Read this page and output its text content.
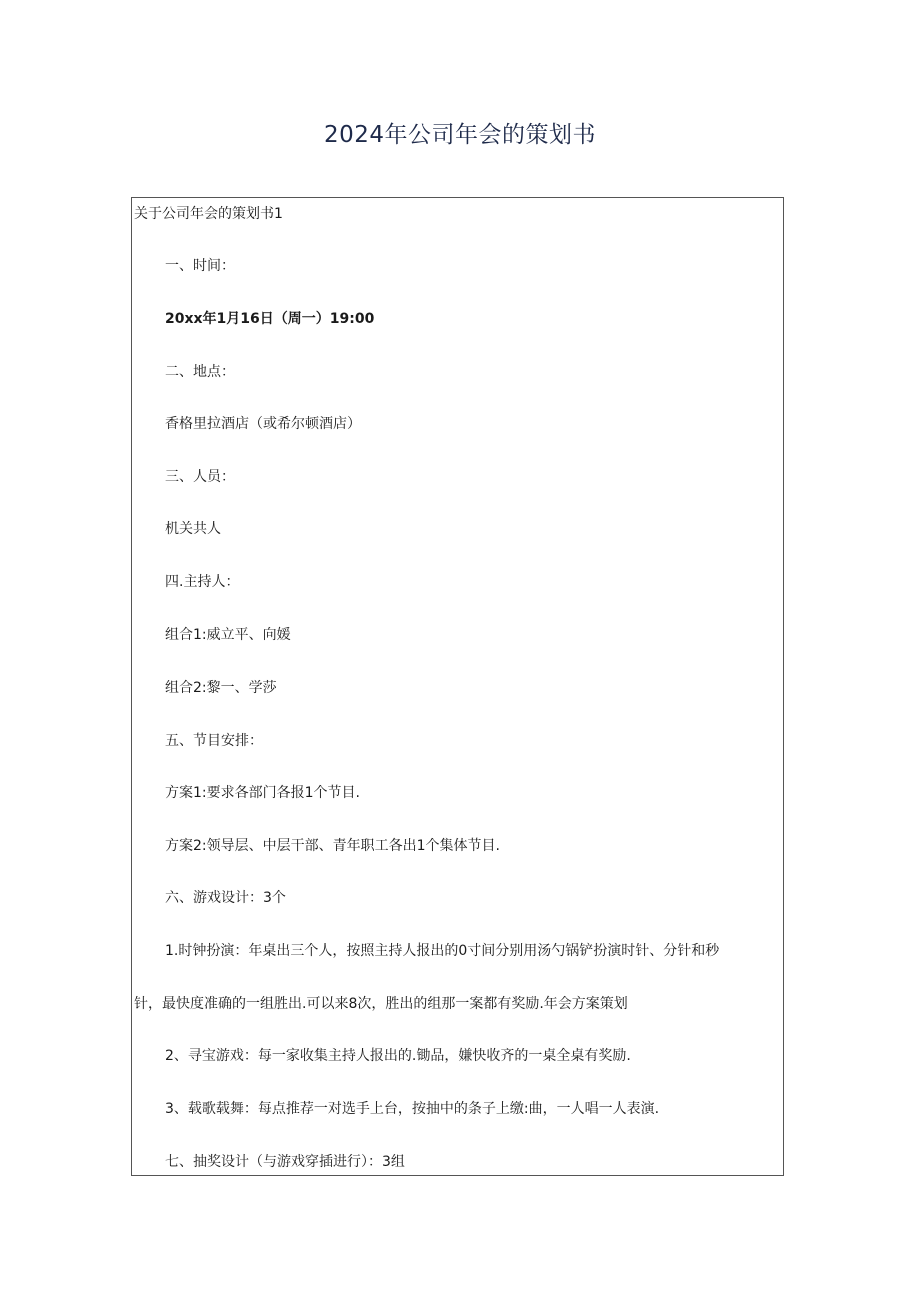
2024年公司年会的策划书
关于公司年会的策划书1
一、时间：
20xx年1月16日（周一）19:00
二、地点：
香格里拉酒店（或希尔顿酒店）
三、人员：
机关共人
四.主持人：
组合1:威立平、向媛
组合2:黎一、学莎
五、节目安排：
方案1:要求各部门各报1个节目.
方案2:领导层、中层干部、青年职工各出1个集体节目.
六、游戏设计：3个
1.时钟扮演：年桌出三个人，按照主持人报出的0寸间分别用汤勺锅铲扮演时针、分针和秒
针，最快度准确的一组胜出.可以来8次，胜出的组那一案都有奖励.年会方案策划
2、寻宝游戏：每一家收集主持人报出的.锄品，嫌快收齐的一桌全桌有奖励.
3、载歌载舞：每点推荐一对选手上台，按抽中的条子上缴:曲，一人唱一人表演.
七、抽奖设计（与游戏穿插进行）：3组
